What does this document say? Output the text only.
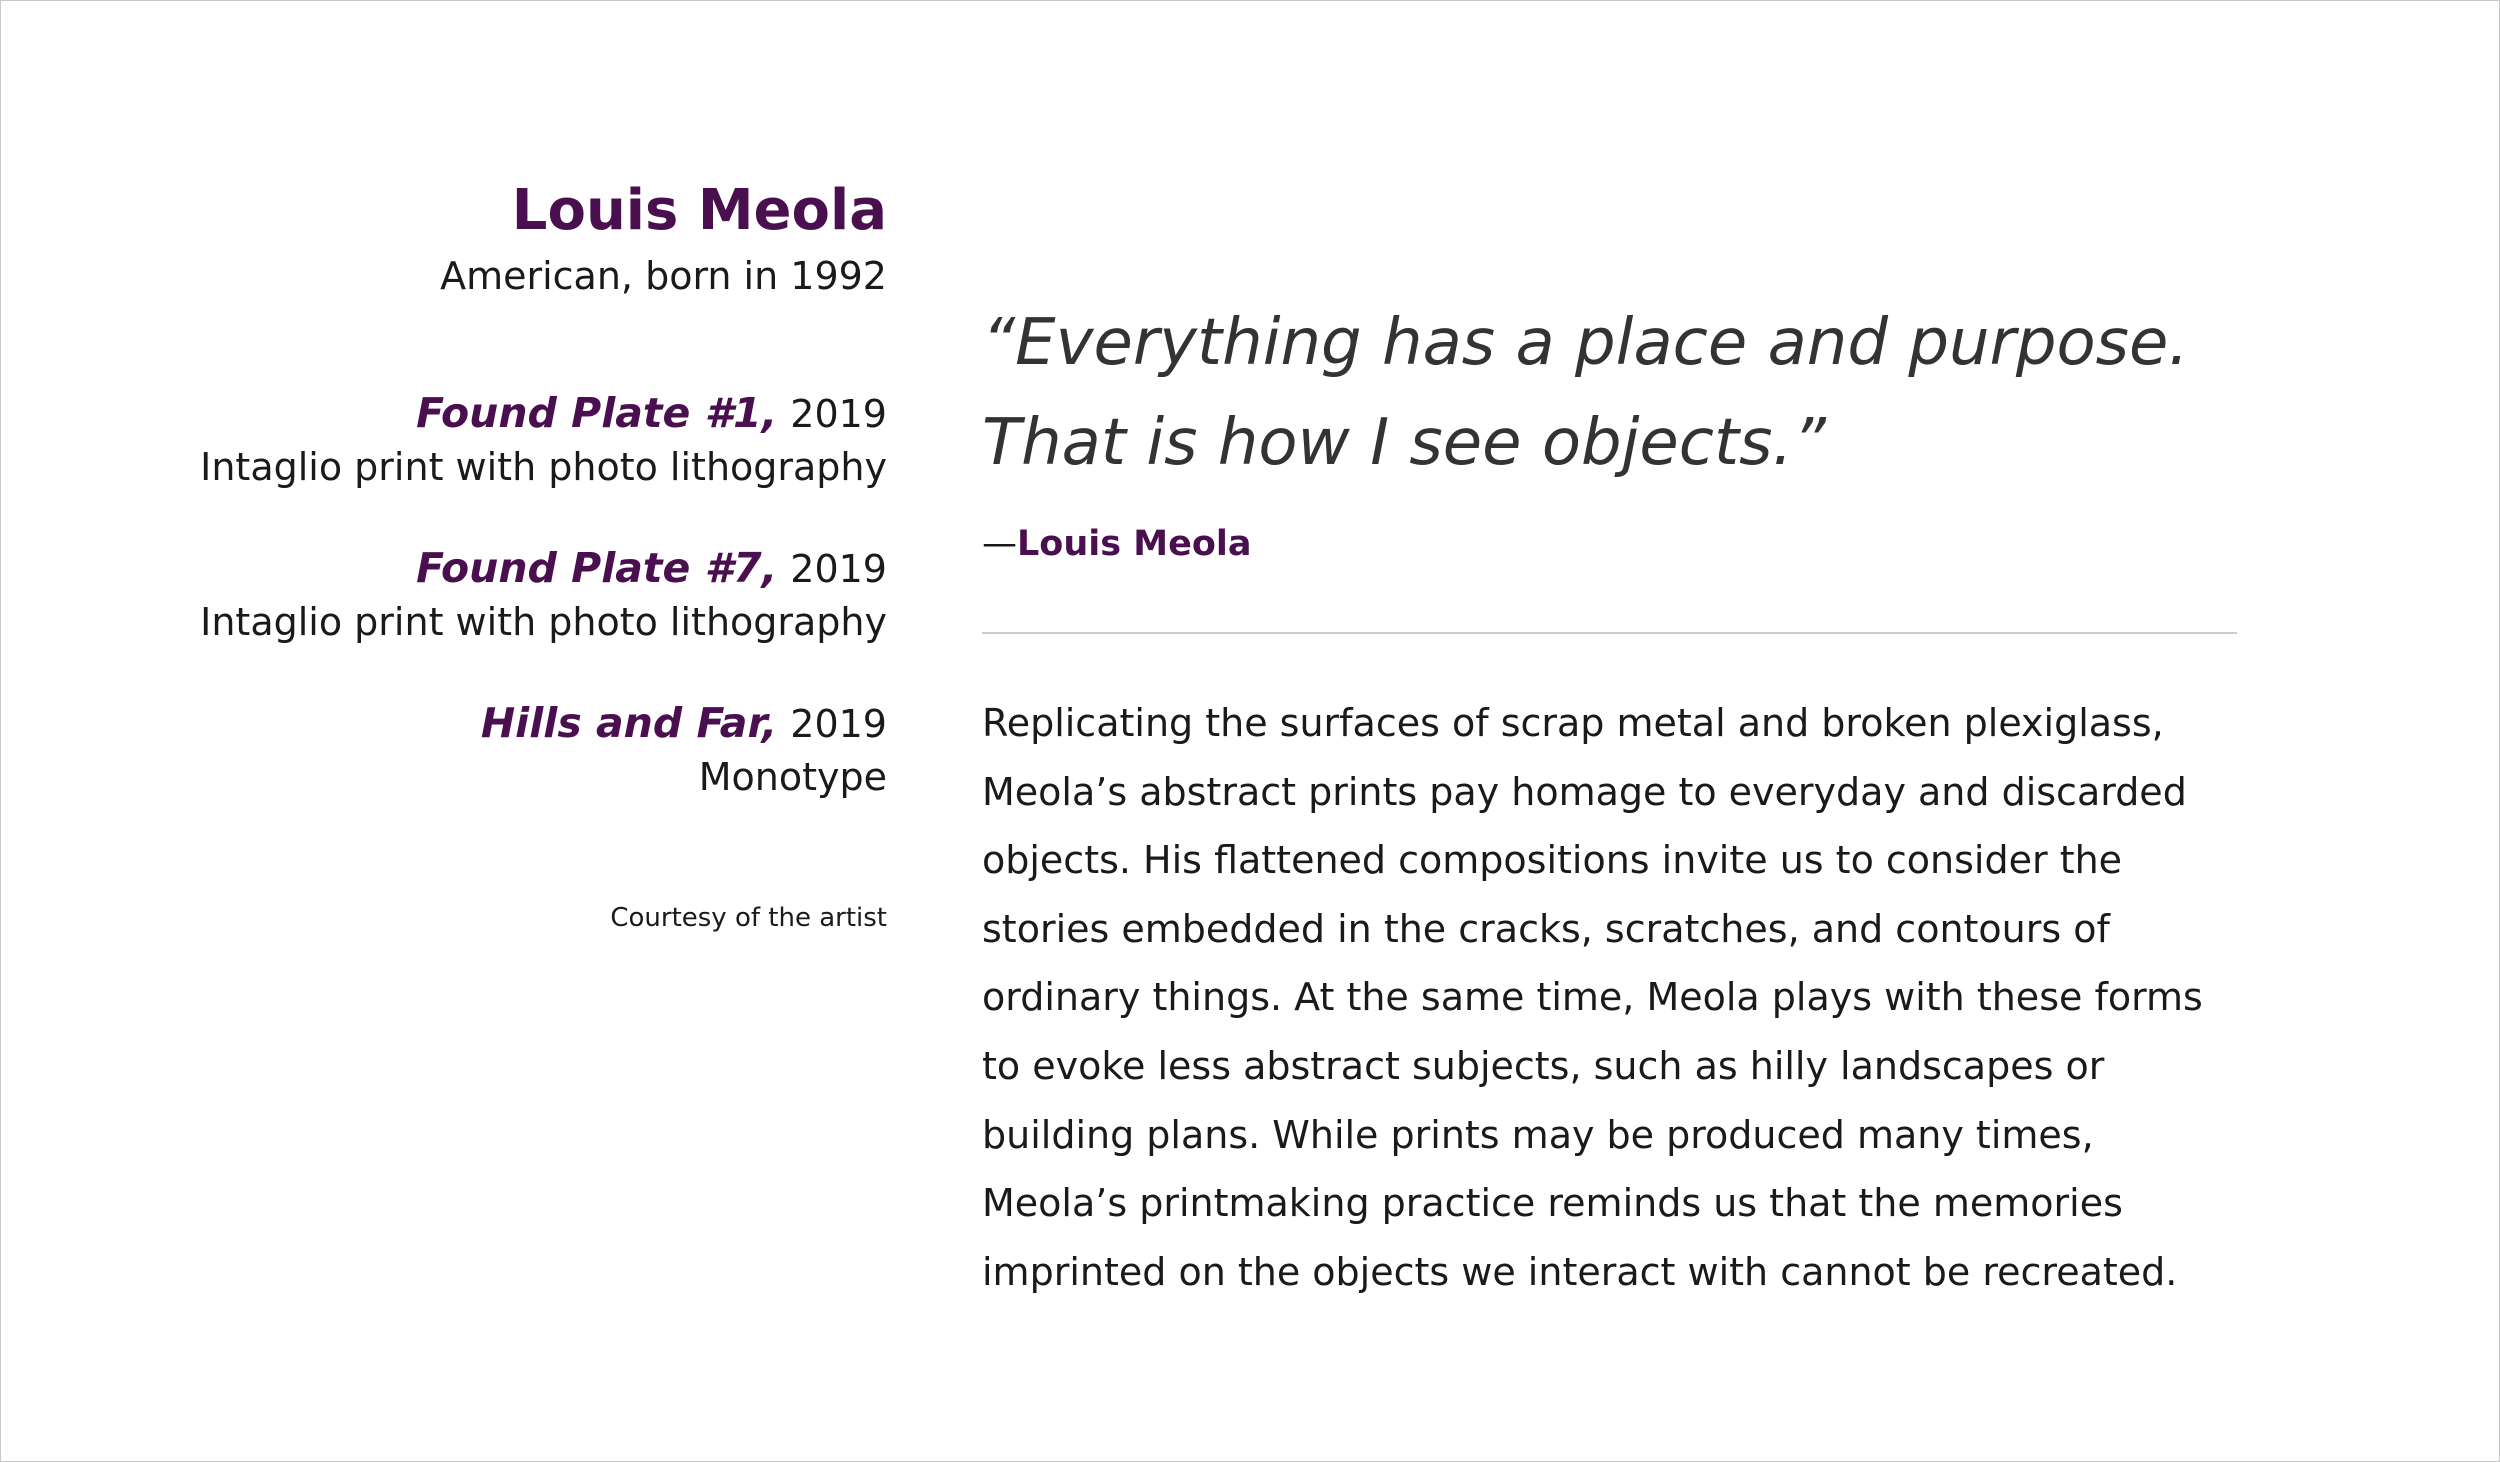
Louis Meola
American, born in 1992
Found Plate #1, 2019
Intaglio print with photo lithography
Found Plate #7, 2019
Intaglio print with photo lithography
Hills and Far, 2019
Monotype
Courtesy of the artist
“Everything has a place and purpose.
That is how I see objects.”
—Louis Meola

Replicating the surfaces of scrap metal and broken plexiglass, Meola’s abstract prints pay homage to everyday and discarded objects. His flattened compositions invite us to consider the stories embedded in the cracks, scratches, and contours of ordinary things. At the same time, Meola plays with these forms to evoke less abstract subjects, such as hilly landscapes or building plans. While prints may be produced many times, Meola’s printmaking practice reminds us that the memories imprinted on the objects we interact with cannot be recreated.
